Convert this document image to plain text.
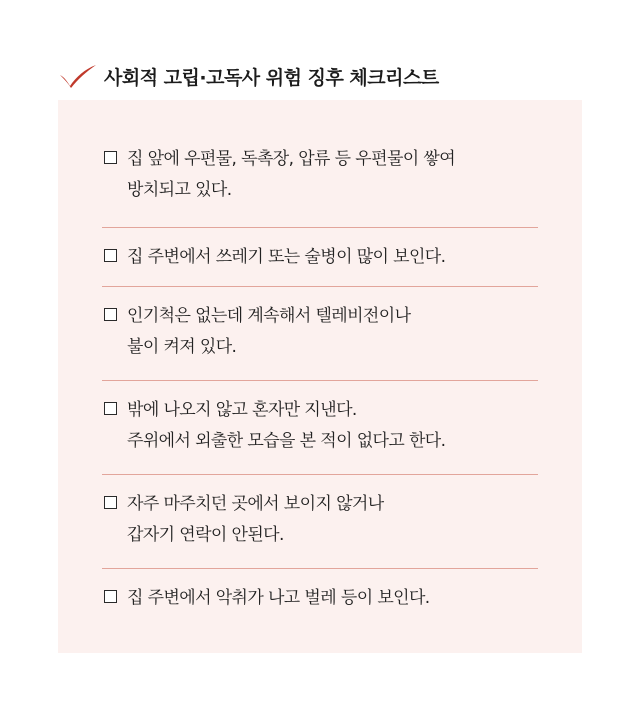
사회적 고립·고독사 위험 징후 체크리스트
집 앞에 우편물, 독촉장, 압류 등 우편물이 쌓여
방치되고 있다.
집 주변에서 쓰레기 또는 술병이 많이 보인다.
인기척은 없는데 계속해서 텔레비전이나
불이 켜져 있다.
밖에 나오지 않고 혼자만 지낸다.
주위에서 외출한 모습을 본 적이 없다고 한다.
자주 마주치던 곳에서 보이지 않거나
갑자기 연락이 안된다.
집 주변에서 악취가 나고 벌레 등이 보인다.
